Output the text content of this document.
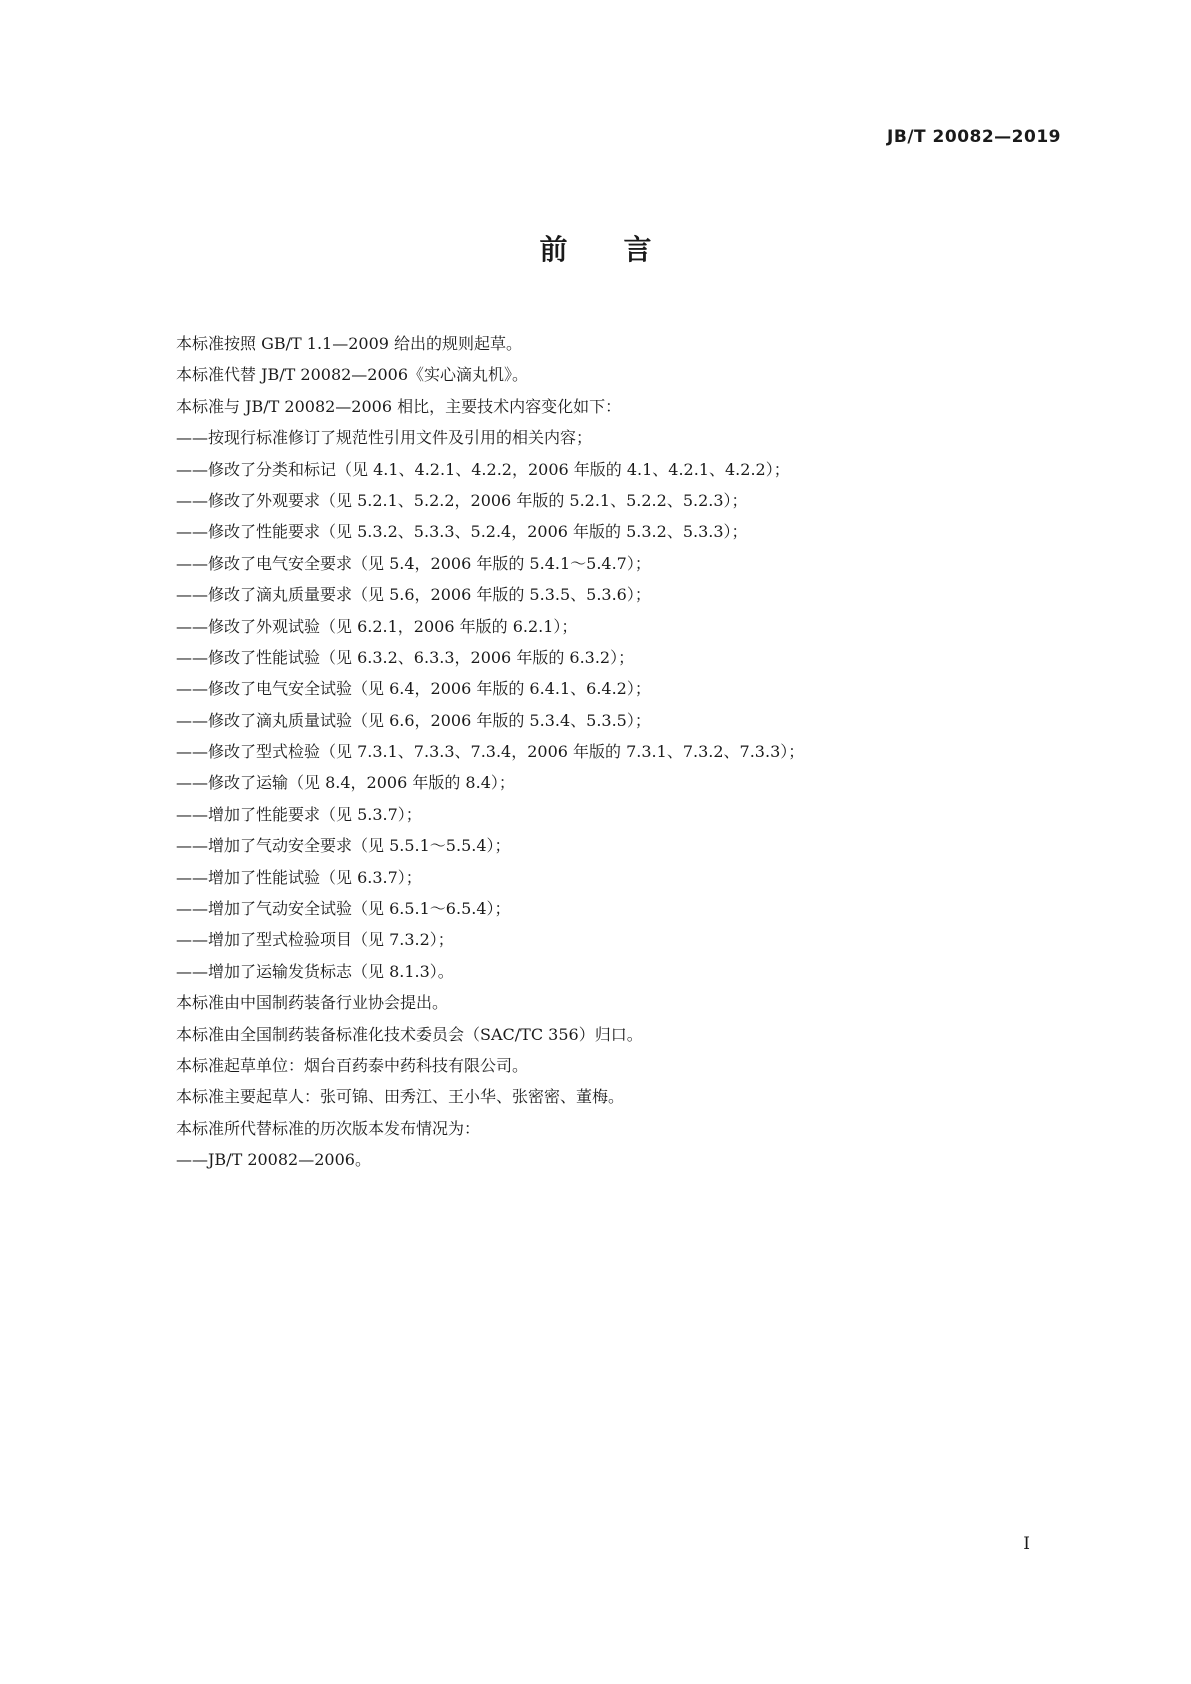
JB/T 20082—2019
前言
本标准按照 GB/T 1.1—2009 给出的规则起草。
本标准代替 JB/T 20082—2006《实心滴丸机》。
本标准与 JB/T 20082—2006 相比，主要技术内容变化如下：
——按现行标准修订了规范性引用文件及引用的相关内容；
——修改了分类和标记（见 4.1、4.2.1、4.2.2，2006 年版的 4.1、4.2.1、4.2.2）；
——修改了外观要求（见 5.2.1、5.2.2，2006 年版的 5.2.1、5.2.2、5.2.3）；
——修改了性能要求（见 5.3.2、5.3.3、5.2.4，2006 年版的 5.3.2、5.3.3）；
——修改了电气安全要求（见 5.4，2006 年版的 5.4.1～5.4.7）；
——修改了滴丸质量要求（见 5.6，2006 年版的 5.3.5、5.3.6）；
——修改了外观试验（见 6.2.1，2006 年版的 6.2.1）；
——修改了性能试验（见 6.3.2、6.3.3，2006 年版的 6.3.2）；
——修改了电气安全试验（见 6.4，2006 年版的 6.4.1、6.4.2）；
——修改了滴丸质量试验（见 6.6，2006 年版的 5.3.4、5.3.5）；
——修改了型式检验（见 7.3.1、7.3.3、7.3.4，2006 年版的 7.3.1、7.3.2、7.3.3）；
——修改了运输（见 8.4，2006 年版的 8.4）；
——增加了性能要求（见 5.3.7）；
——增加了气动安全要求（见 5.5.1～5.5.4）；
——增加了性能试验（见 6.3.7）；
——增加了气动安全试验（见 6.5.1～6.5.4）；
——增加了型式检验项目（见 7.3.2）；
——增加了运输发货标志（见 8.1.3）。
本标准由中国制药装备行业协会提出。
本标准由全国制药装备标准化技术委员会（SAC/TC 356）归口。
本标准起草单位：烟台百药泰中药科技有限公司。
本标准主要起草人：张可锦、田秀江、王小华、张密密、董梅。
本标准所代替标准的历次版本发布情况为：
——JB/T 20082—2006。
I
